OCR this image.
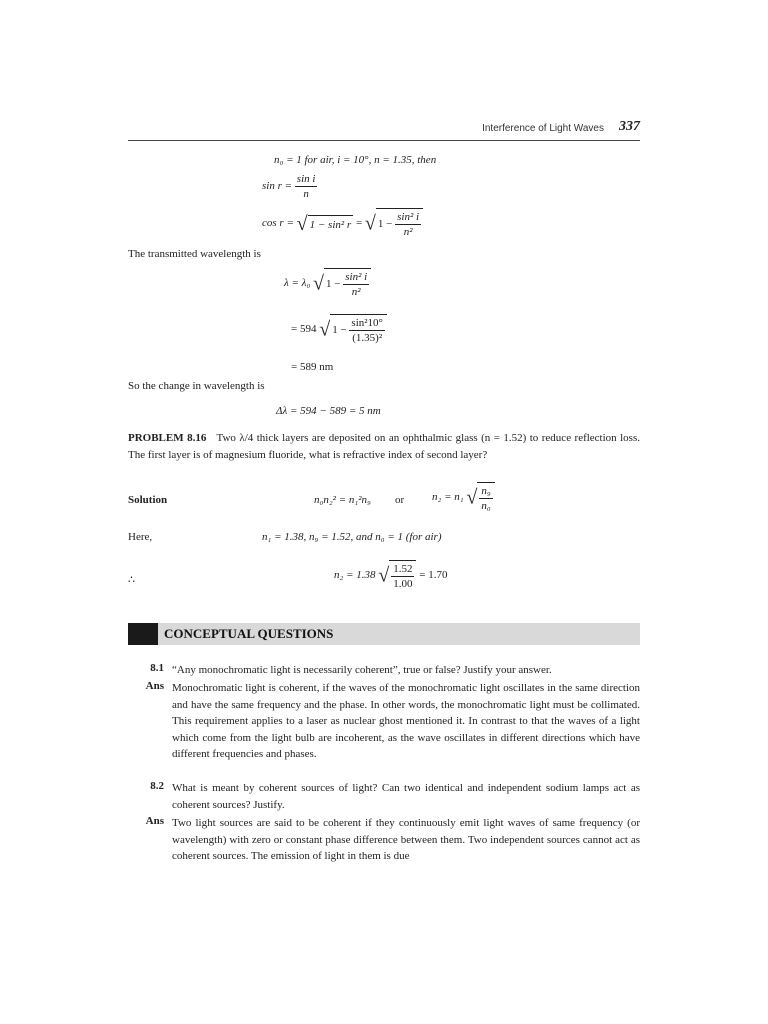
Interference of Light Waves 337
n₀ = 1 for air, i = 10°, n = 1.35, then
$\sin r = \frac{\text{sin i}}{n}$
cos r = √ 1 − sin² r = √ $1 - \frac{\text{sin² i}}{\text{n²}}$
The transmitted wavelength is
λ = λ₀ √ $1 - \frac{\text{sin² i}}{\text{n²}}$
= 594 √ $1 - \frac{\text{sin²10°}}{\text{(1.35)²}}$
= 589 nm
So the change in wavelength is
Δλ = 594 − 589 = 5 nm
PROBLEM 8.16 Two λ/4 thick layers are deposited on an ophthalmic glass (n = 1.52) to reduce reflection loss. The first layer is of magnesium fluoride, what is refractive index of second layer?
Solution	n₀n₂² = n₁²n₉ or	n₂ = n₁ √ $\frac{\text{n₉}}{\text{n₀}}$
Here,	n₁ = 1.38, n₉ = 1.52, and n₀ = 1 (for air)
∴	n₂ = 1.38 √ $\frac{1.52}{1.00} = 1.70$
CONCEPTUAL QUESTIONS
8.1 “Any monochromatic light is necessarily coherent”, true or false? Justify your answer.
Ans Monochromatic light is coherent, if the waves of the monochromatic light oscillates in the same direction and have the same frequency and the phase. In other words, the monochromatic light must be collimated. This requirement applies to a laser as nuclear ghost mentioned it. In contrast to that the waves of a light which come from the light bulb are incoherent, as the wave oscillates in different directions which have different frequencies and phases.
8.2 What is meant by coherent sources of light? Can two identical and independent sodium lamps act as coherent sources? Justify.
Ans Two light sources are said to be coherent if they continuously emit light waves of same frequency (or wavelength) with zero or constant phase difference between them. Two independent sources cannot act as coherent sources. The emission of light in them is due
